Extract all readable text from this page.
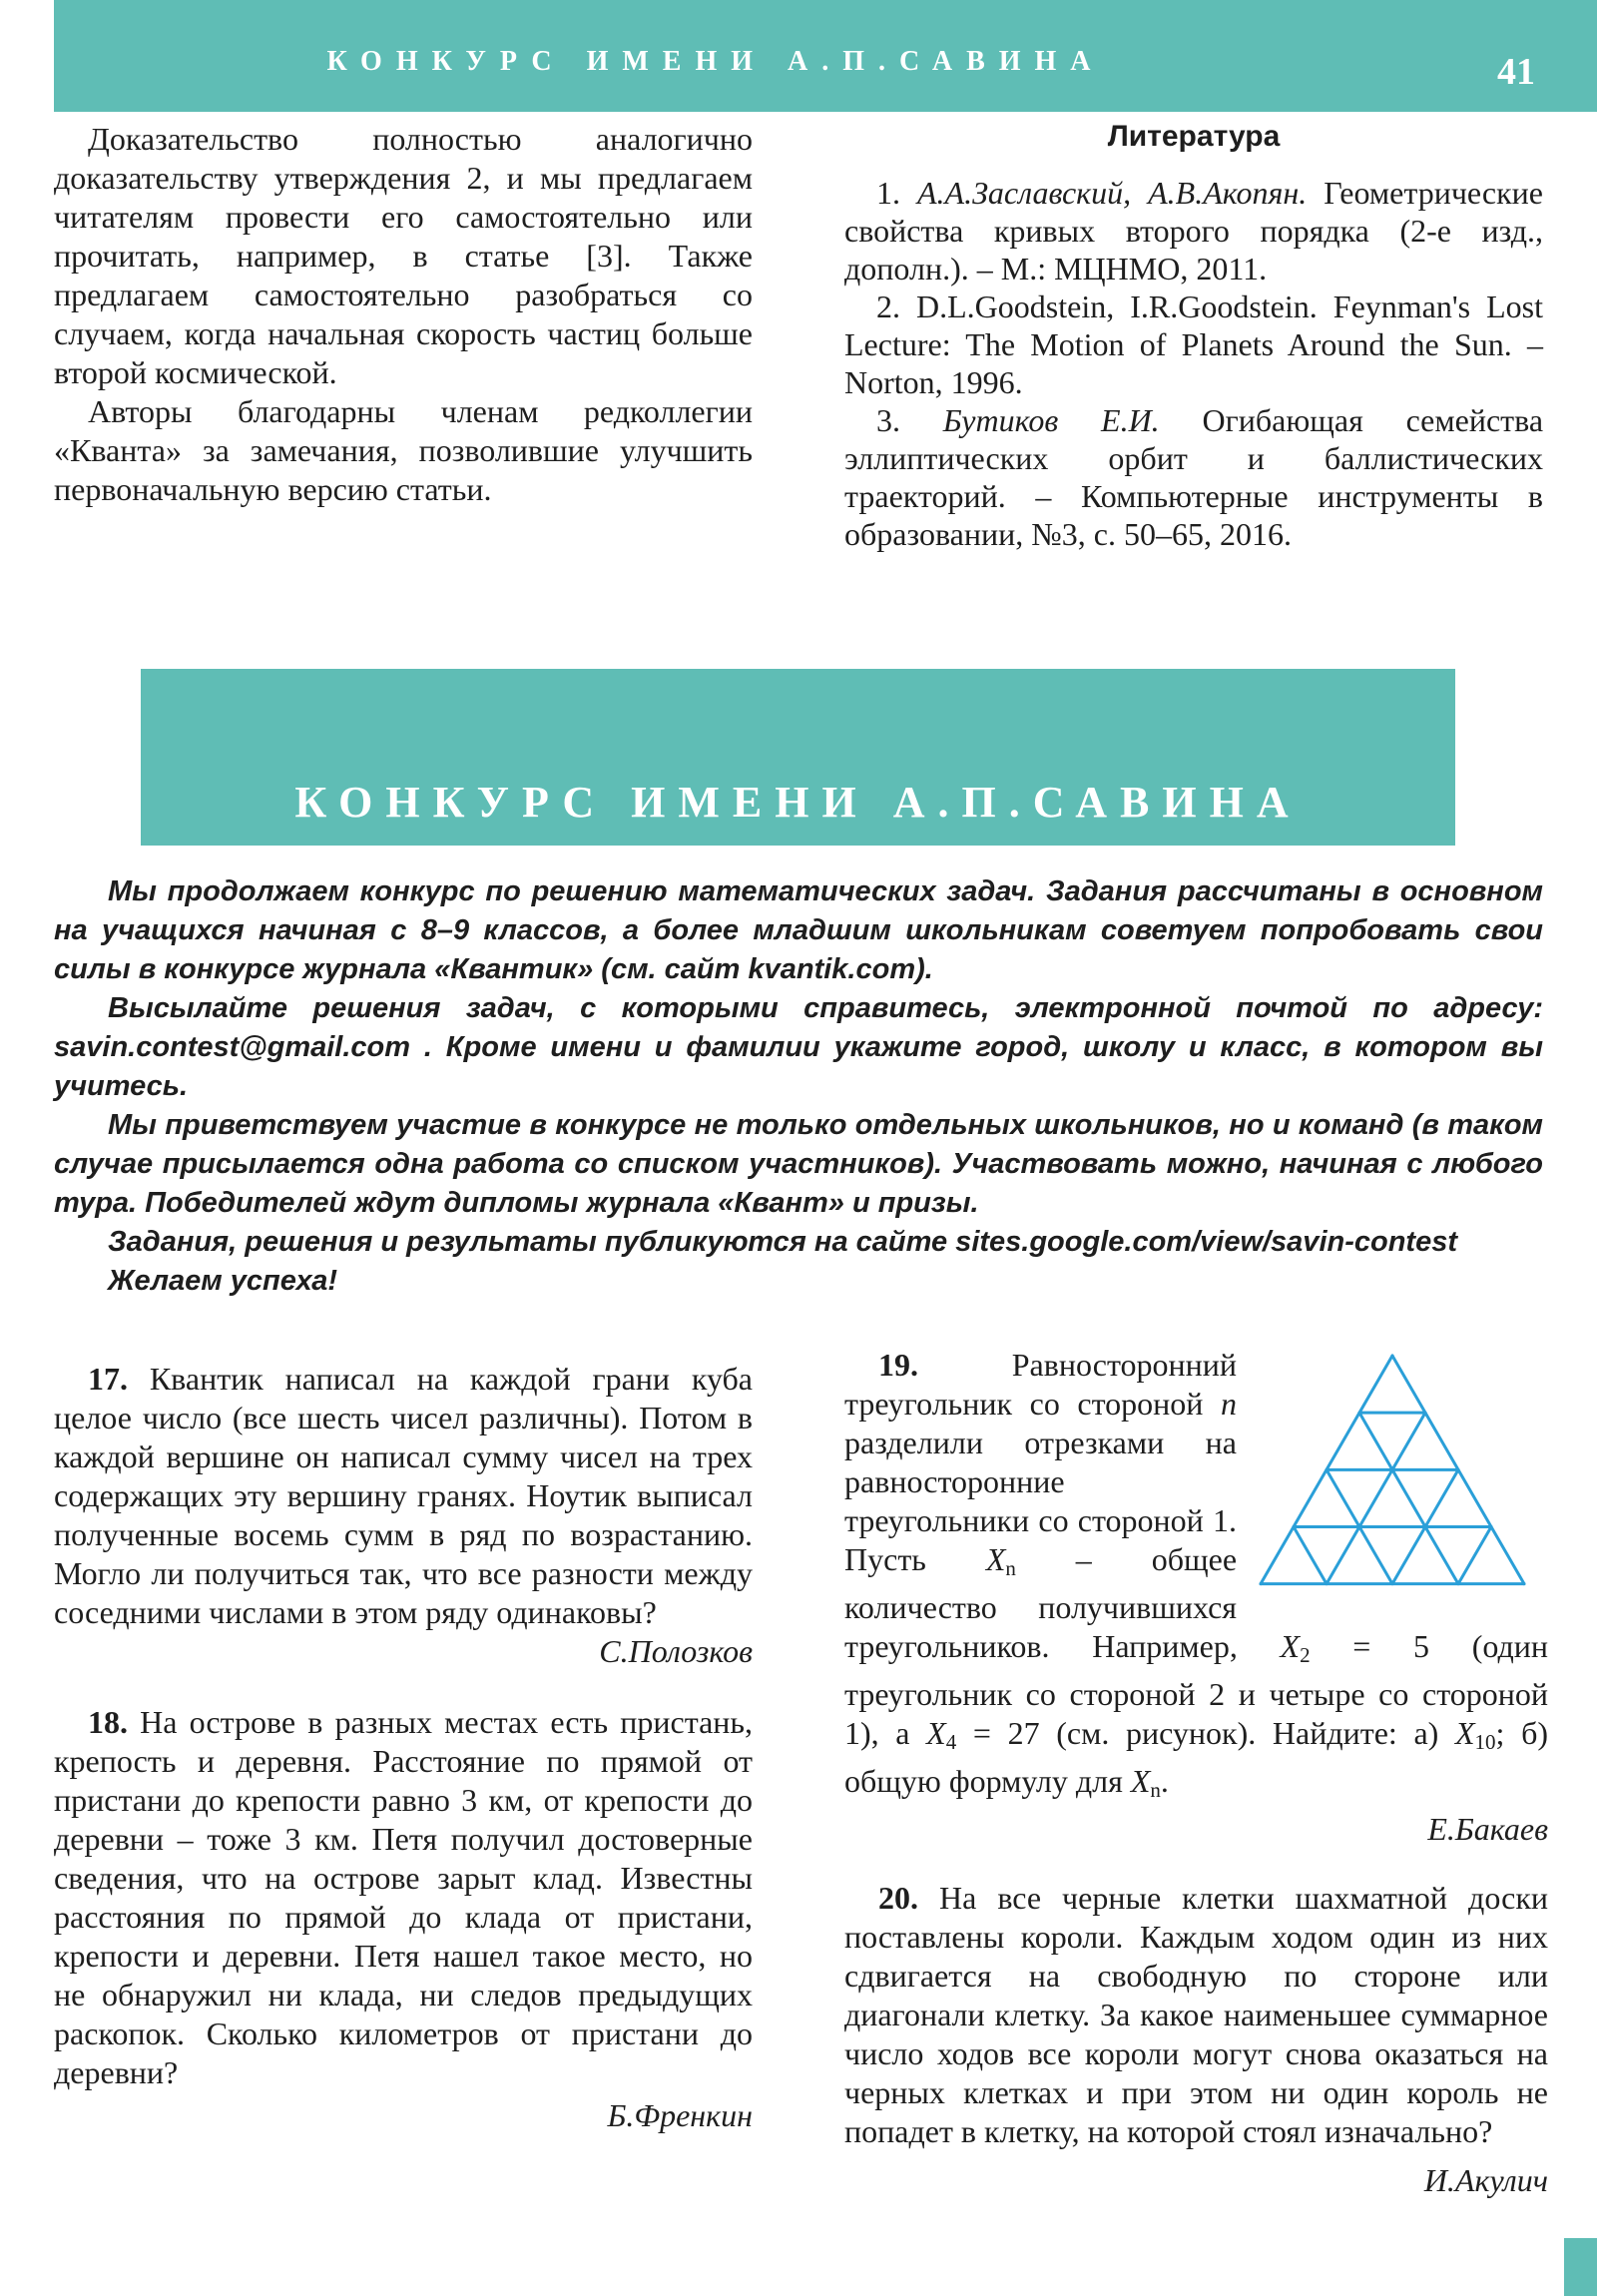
КОНКУРС ИМЕНИ А.П.САВИНА	41

Доказательство полностью аналогично доказательству утверждения 2, и мы предлагаем читателям провести его самостоятельно или прочитать, например, в статье [3]. Также предлагаем самостоятельно разобраться со случаем, когда начальная скорость частиц больше второй космической.

Авторы благодарны членам редколлегии «Кванта» за замечания, позволившие улучшить первоначальную версию статьи.

Литература

1. А.А.Заславский, А.В.Акопян. Геометрические свойства кривых второго порядка (2-е изд., дополн.). – М.: МЦНМО, 2011.

2. D.L.Goodstein, I.R.Goodstein. Feynman's Lost Lecture: The Motion of Planets Around the Sun. – Norton, 1996.

3. Бутиков Е.И. Огибающая семейства эллиптических орбит и баллистических траекторий. – Компьютерные инструменты в образовании, №3, с. 50–65, 2016.

КОНКУРС ИМЕНИ А.П.САВИНА

Мы продолжаем конкурс по решению математических задач. Задания рассчитаны в основном на учащихся начиная с 8–9 классов, а более младшим школьникам советуем попробовать свои силы в конкурсе журнала «Квантик» (см. сайт kvantik.com).

Высылайте решения задач, с которыми справитесь, электронной почтой по адресу: savin.contest@gmail.com . Кроме имени и фамилии укажите город, школу и класс, в котором вы учитесь.

Мы приветствуем участие в конкурсе не только отдельных школьников, но и команд (в таком случае присылается одна работа со списком участников). Участвовать можно, начиная с любого тура. Победителей ждут дипломы журнала «Квант» и призы.

Задания, решения и результаты публикуются на сайте sites.google.com/view/savin-contest

Желаем успеха!

17. Квантик написал на каждой грани куба целое число (все шесть чисел различны). Потом в каждой вершине он написал сумму чисел на трех содержащих эту вершину гранях. Ноутик выписал полученные восемь сумм в ряд по возрастанию. Могло ли получиться так, что все разности между соседними числами в этом ряду одинаковы?

С.Полозков

18. На острове в разных местах есть пристань, крепость и деревня. Расстояние по прямой от пристани до крепости равно 3 км, от крепости до деревни – тоже 3 км. Петя получил достоверные сведения, что на острове зарыт клад. Известны расстояния по прямой до клада от пристани, крепости и деревни. Петя нашел такое место, но не обнаружил ни клада, ни следов предыдущих раскопок. Сколько километров от пристани до деревни?

Б.Френкин

19.	Равносторонний треугольник со стороной n разделили отрезками на равносторонние треугольники со стороной 1. Пусть $X_n$ – общее количество получившихся треугольников. Например, $X_2 = 5$ (один треугольник со стороной 2 и четыре со стороной 1), а $X_4 = 27$ (см. рисунок). Найдите: а) $X_{10}$; б) общую формулу для $X_n$.

Е.Бакаев

20. На все черные клетки шахматной доски поставлены короли. Каждым ходом один из них сдвигается на свободную по стороне или диагонали клетку. За какое наименьшее суммарное число ходов все короли могут снова оказаться на черных клетках и при этом ни один король не попадет в клетку, на которой стоял изначально?

И.Акулич
